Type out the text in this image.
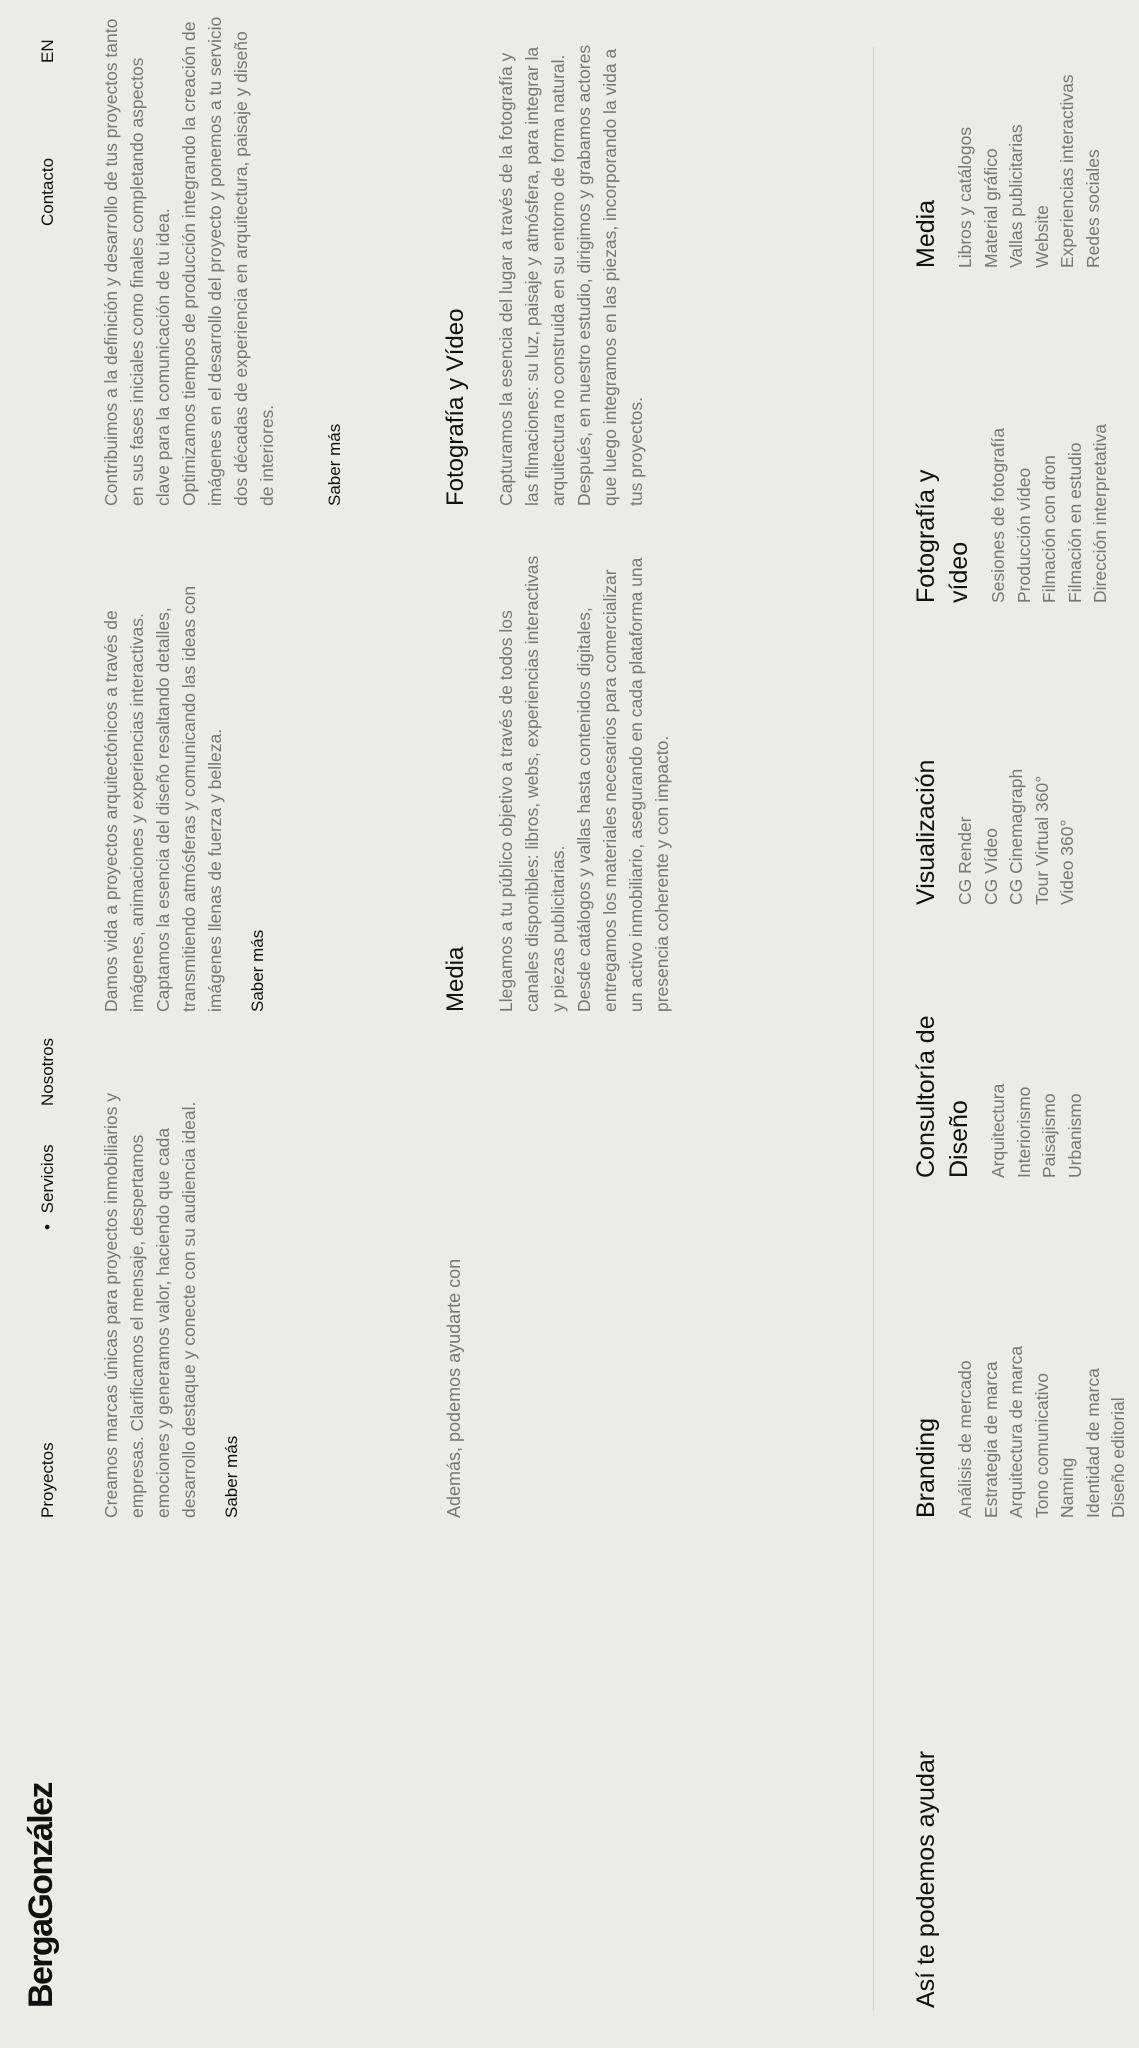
BergaGonzález
Proyectos
• Servicios
Nosotros
Contacto
EN
Creamos marcas únicas para proyectos inmobiliarios y empresas. Clarificamos el mensaje, despertamos emociones y generamos valor, haciendo que cada desarrollo destaque y conecte con su audiencia ideal. Saber más
Damos vida a proyectos arquitectónicos a través de imágenes, animaciones y experiencias interactivas. Captamos la esencia del diseño resaltando detalles, transmitiendo atmósferas y comunicando las ideas con imágenes llenas de fuerza y belleza. Saber más
Contribuimos a la definición y desarrollo de tus proyectos tanto en sus fases iniciales como finales completando aspectos clave para la comunicación de tu idea.
Optimizamos tiempos de producción integrando la creación de imágenes en el desarrollo del proyecto y ponemos a tu servicio dos décadas de experiencia en arquitectura, paisaje y diseño de interiores.	Saber más
Además, podemos ayudarte con
Media Llegamos a tu público objetivo a través de todos los canales disponibles: libros, webs, experiencias interactivas y piezas publicitarias.
Desde catálogos y vallas hasta contenidos digitales, entregamos los materiales necesarios para comercializar un activo inmobiliario, asegurando en cada plataforma una presencia coherente y con impacto.
Fotografía y Vídeo Capturamos la esencia del lugar a través de la fotografía y las filmaciones: su luz, paisaje y atmósfera, para integrar la arquitectura no construida en su entorno de forma natural.
Después, en nuestro estudio, dirigimos y grabamos actores que luego integramos en las piezas, incorporando la vida a tus proyectos.
Así te podemos ayudar
Branding Análisis de mercado Estrategia de marca Arquitectura de marca Tono comunicativo Naming Identidad de marca Diseño editorial
Consultoría de Diseño Arquitectura Interiorismo Paisajismo Urbanismo
Visualización CG Render CG Vídeo CG Cinemagraph Tour Virtual 360° Video 360°
Fotografía y vídeo Sesiones de fotografía Producción vídeo Filmación con dron Filmación en estudio Dirección interpretativa
Media Libros y catálogos Material gráfico Vallas publicitarias Website Experiencias interactivas Redes sociales
